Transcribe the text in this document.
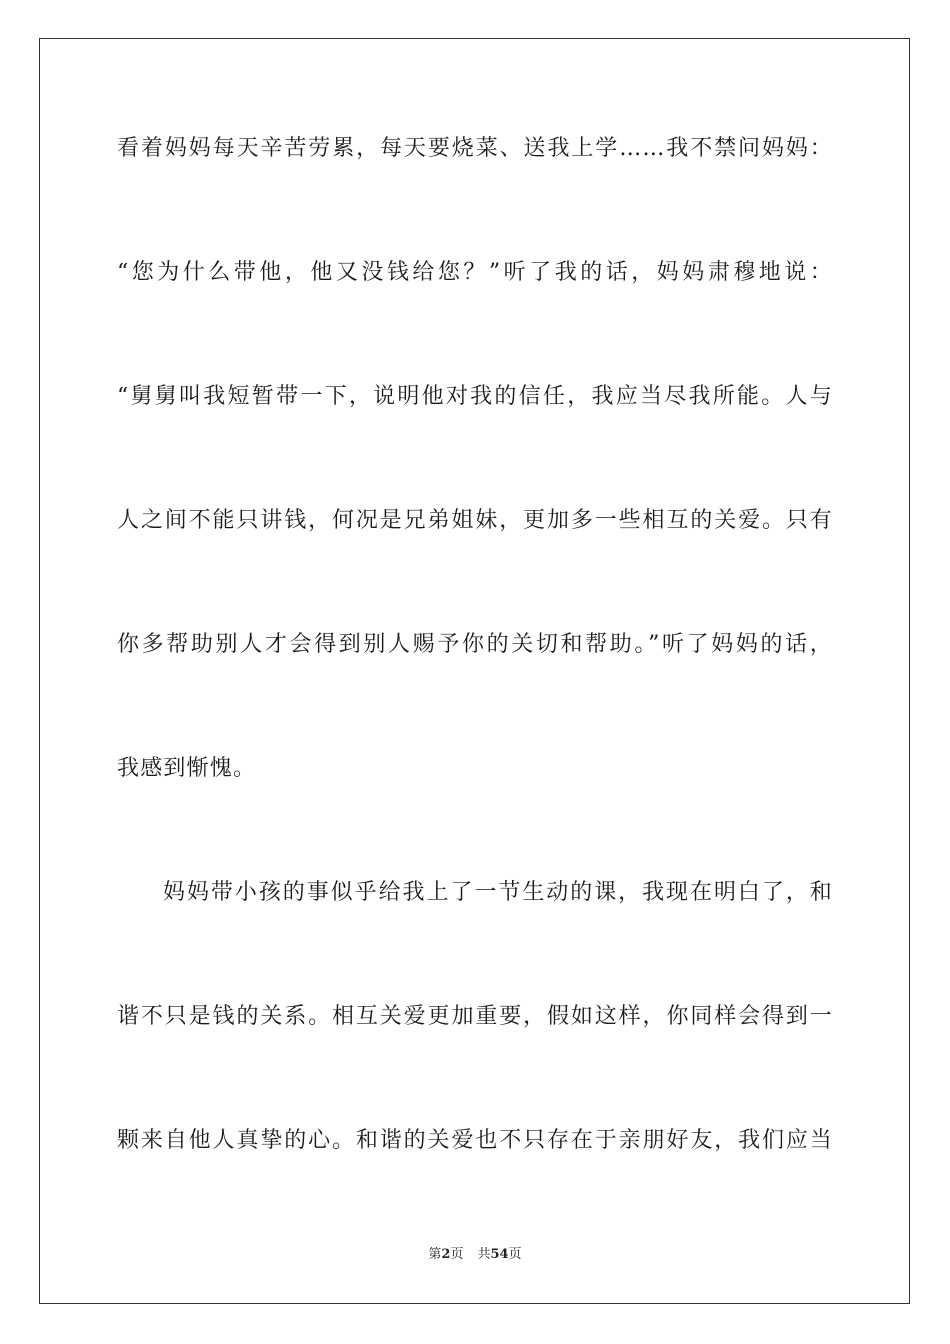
看着妈妈每天辛苦劳累，每天要烧菜、送我上学……我不禁问妈妈：
“您为什么带他，他又没钱给您？”听了我的话，妈妈肃穆地说：
“舅舅叫我短暂带一下，说明他对我的信任，我应当尽我所能。人与
人之间不能只讲钱，何况是兄弟姐妹，更加多一些相互的关爱。只有
你多帮助别人才会得到别人赐予你的关切和帮助。”听了妈妈的话，
我感到惭愧。
妈妈带小孩的事似乎给我上了一节生动的课，我现在明白了，和
谐不只是钱的关系。相互关爱更加重要，假如这样，你同样会得到一
颗来自他人真挚的心。和谐的关爱也不只存在于亲朋好友，我们应当
第2页 共54页
